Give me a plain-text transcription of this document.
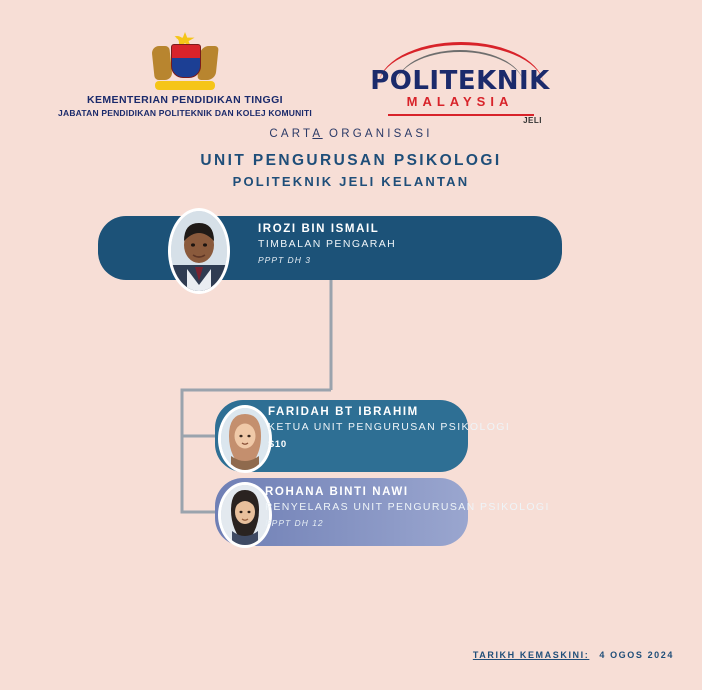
KEMENTERIAN PENDIDIKAN TINGGI
JABATAN PENDIDIKAN POLITEKNIK DAN KOLEJ KOMUNITI
POLITEKNIK
MALAYSIA
JELI
CARTA ORGANISASI
UNIT PENGURUSAN PSIKOLOGI
POLITEKNIK JELI KELANTAN
IROZI BIN ISMAIL
TIMBALAN PENGARAH
PPPT DH 3
FARIDAH BT IBRAHIM
KETUA UNIT PENGURUSAN PSIKOLOGI
S10
ROHANA BINTI NAWI
PENYELARAS UNIT PENGURUSAN PSIKOLOGI
PPPT DH 12
TARIKH KEMASKINI: 4 OGOS 2024
